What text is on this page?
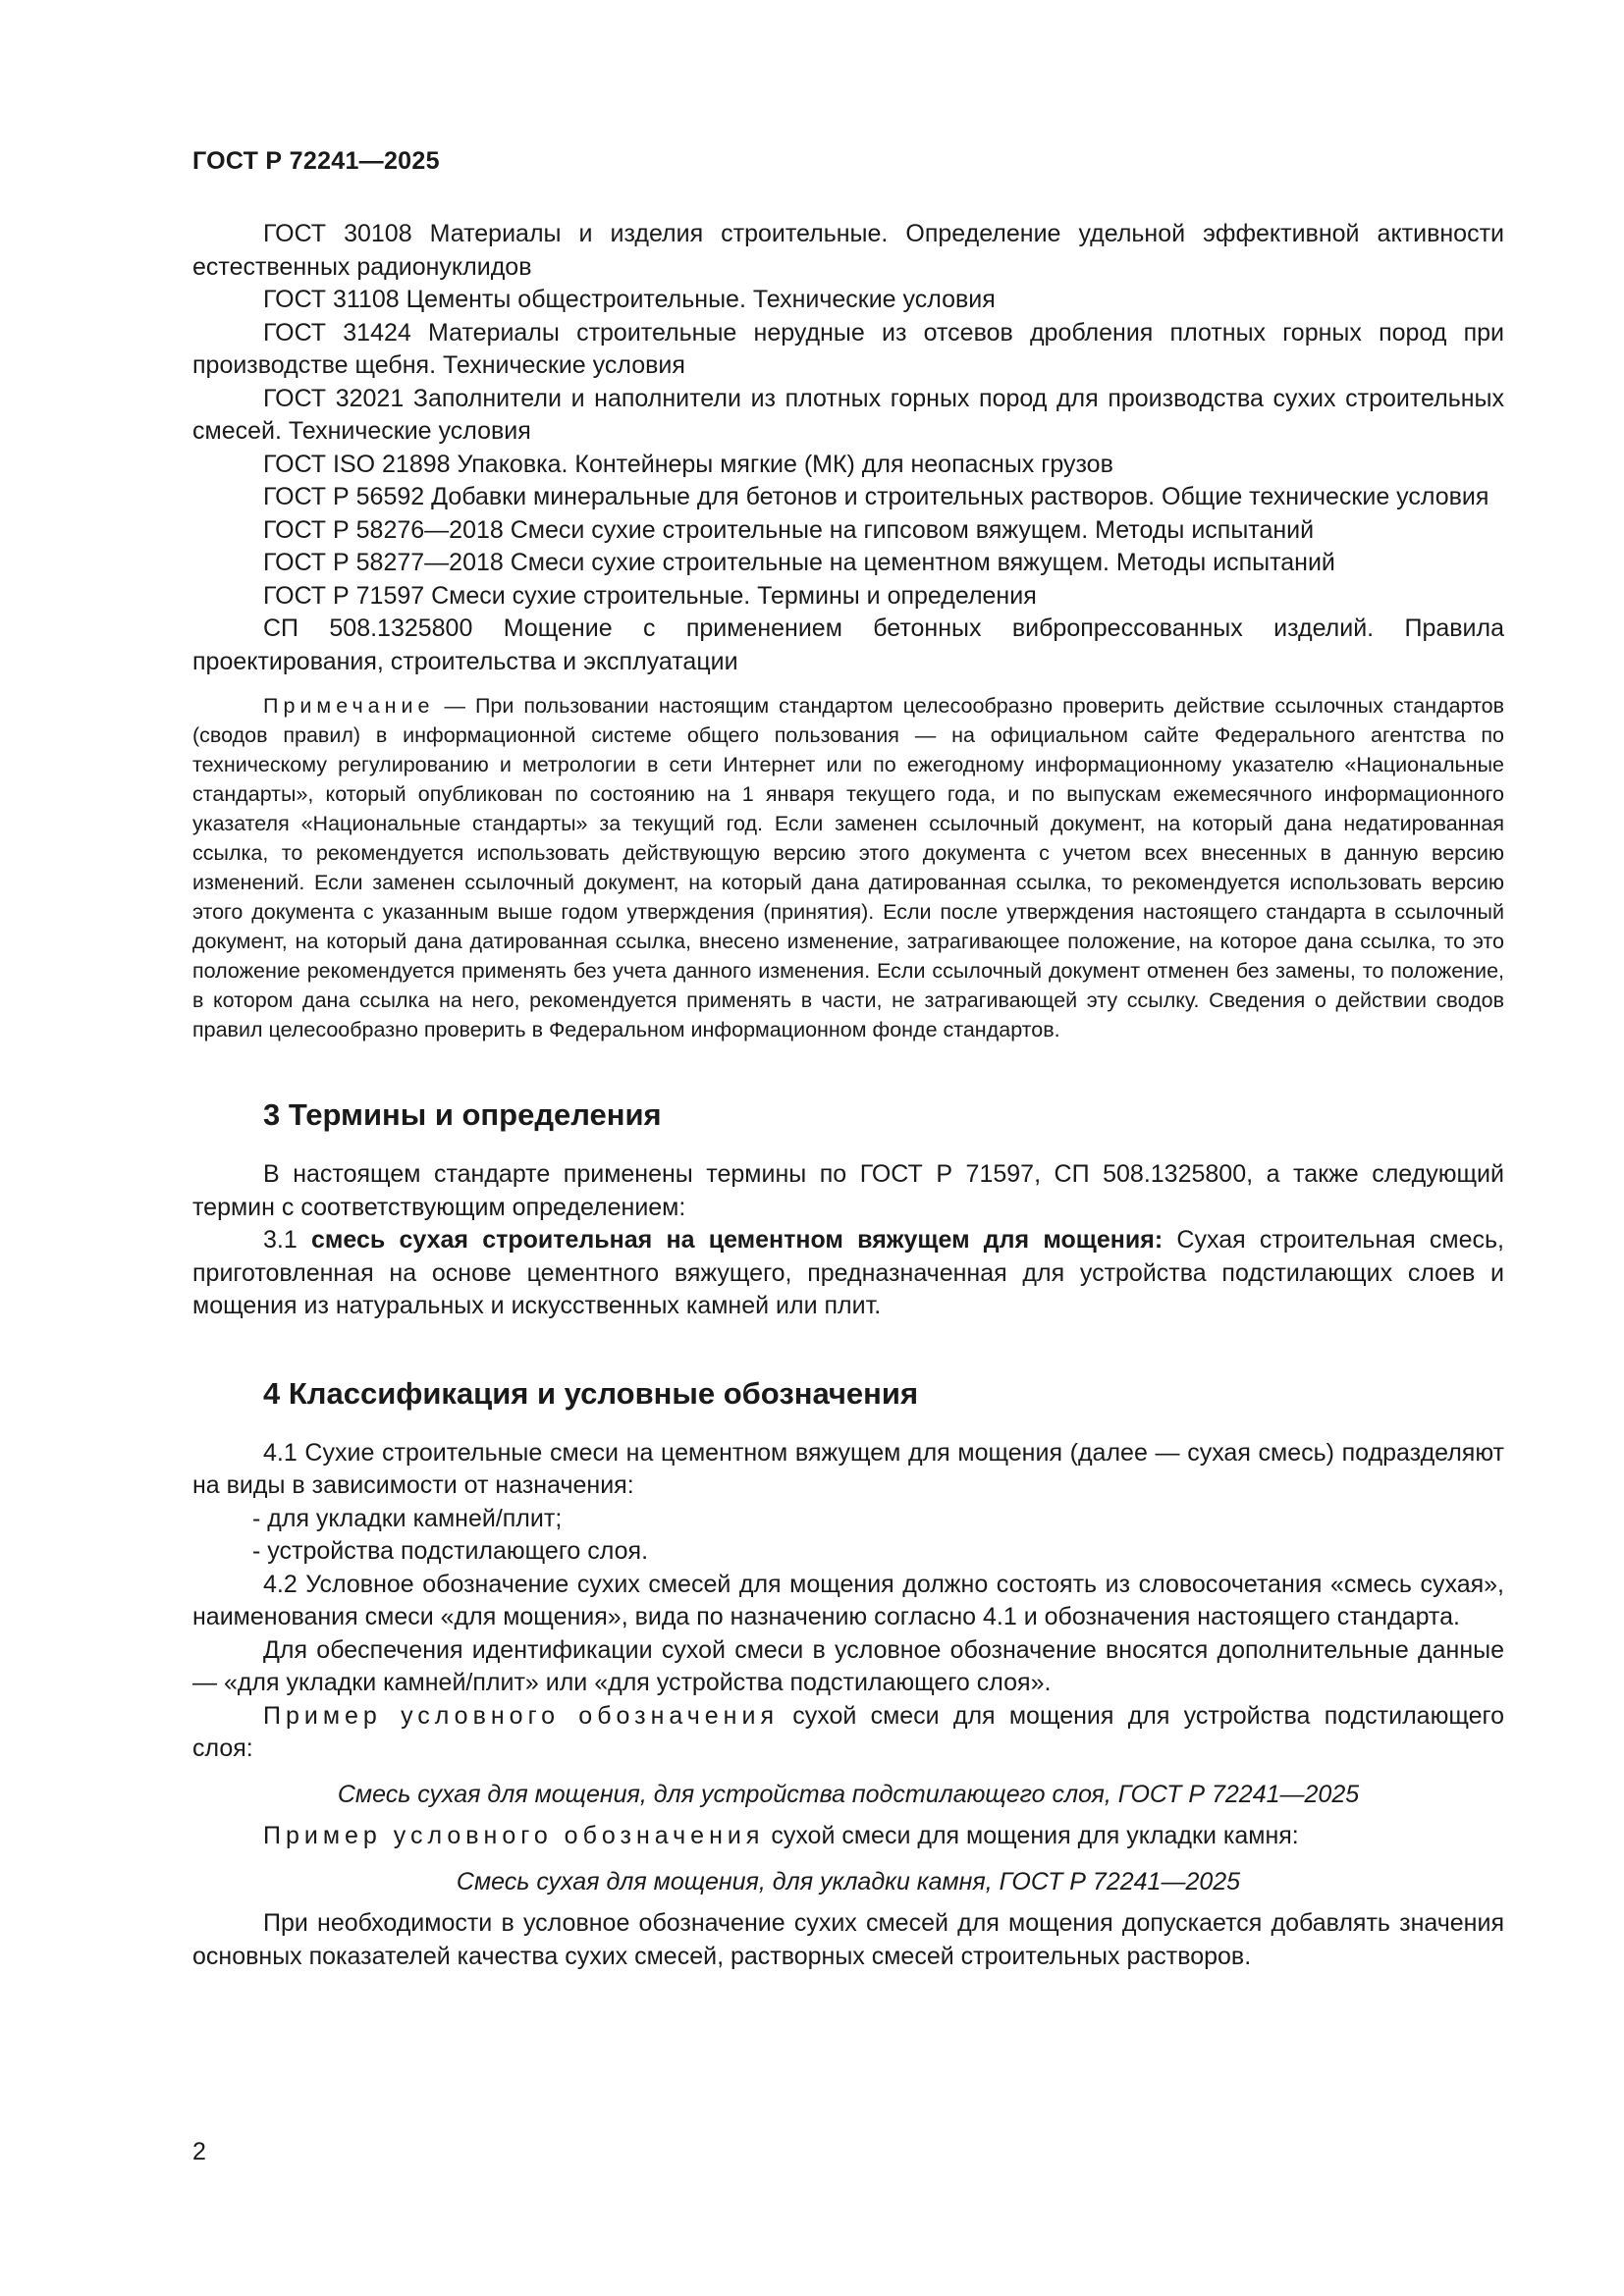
ГОСТ Р 72241—2025

ГОСТ 30108 Материалы и изделия строительные. Определение удельной эффективной активности естественных радионуклидов

ГОСТ 31108 Цементы общестроительные. Технические условия

ГОСТ 31424 Материалы строительные нерудные из отсевов дробления плотных горных пород при производстве щебня. Технические условия

ГОСТ 32021 Заполнители и наполнители из плотных горных пород для производства сухих строительных смесей. Технические условия

ГОСТ ISO 21898 Упаковка. Контейнеры мягкие (МК) для неопасных грузов

ГОСТ Р 56592 Добавки минеральные для бетонов и строительных растворов. Общие технические условия

ГОСТ Р 58276—2018 Смеси сухие строительные на гипсовом вяжущем. Методы испытаний

ГОСТ Р 58277—2018 Смеси сухие строительные на цементном вяжущем. Методы испытаний

ГОСТ Р 71597 Смеси сухие строительные. Термины и определения

СП 508.1325800 Мощение с применением бетонных вибропрессованных изделий. Правила проектирования, строительства и эксплуатации

Примечание — При пользовании настоящим стандартом целесообразно проверить действие ссылочных стандартов (сводов правил) в информационной системе общего пользования — на официальном сайте Федерального агентства по техническому регулированию и метрологии в сети Интернет или по ежегодному информационному указателю «Национальные стандарты», который опубликован по состоянию на 1 января текущего года, и по выпускам ежемесячного информационного указателя «Национальные стандарты» за текущий год. Если заменен ссылочный документ, на который дана недатированная ссылка, то рекомендуется использовать действующую версию этого документа с учетом всех внесенных в данную версию изменений. Если заменен ссылочный документ, на который дана датированная ссылка, то рекомендуется использовать версию этого документа с указанным выше годом утверждения (принятия). Если после утверждения настоящего стандарта в ссылочный документ, на который дана датированная ссылка, внесено изменение, затрагивающее положение, на которое дана ссылка, то это положение рекомендуется применять без учета данного изменения. Если ссылочный документ отменен без замены, то положение, в котором дана ссылка на него, рекомендуется применять в части, не затрагивающей эту ссылку. Сведения о действии сводов правил целесообразно проверить в Федеральном информационном фонде стандартов.

3 Термины и определения

В настоящем стандарте применены термины по ГОСТ Р 71597, СП 508.1325800, а также следующий термин с соответствующим определением:

3.1 смесь сухая строительная на цементном вяжущем для мощения: Сухая строительная смесь, приготовленная на основе цементного вяжущего, предназначенная для устройства подстилающих слоев и мощения из натуральных и искусственных камней или плит.

4 Классификация и условные обозначения

4.1 Сухие строительные смеси на цементном вяжущем для мощения (далее — сухая смесь) подразделяют на виды в зависимости от назначения:

- для укладки камней/плит;

- устройства подстилающего слоя.

4.2 Условное обозначение сухих смесей для мощения должно состоять из словосочетания «смесь сухая», наименования смеси «для мощения», вида по назначению согласно 4.1 и обозначения настоящего стандарта.

Для обеспечения идентификации сухой смеси в условное обозначение вносятся дополнительные данные — «для укладки камней/плит» или «для устройства подстилающего слоя».

Пример условного обозначения сухой смеси для мощения для устройства подстилающего слоя:

Смесь сухая для мощения, для устройства подстилающего слоя, ГОСТ Р 72241—2025

Пример условного обозначения сухой смеси для мощения для укладки камня:

Смесь сухая для мощения, для укладки камня, ГОСТ Р 72241—2025

При необходимости в условное обозначение сухих смесей для мощения допускается добавлять значения основных показателей качества сухих смесей, растворных смесей строительных растворов.

2
